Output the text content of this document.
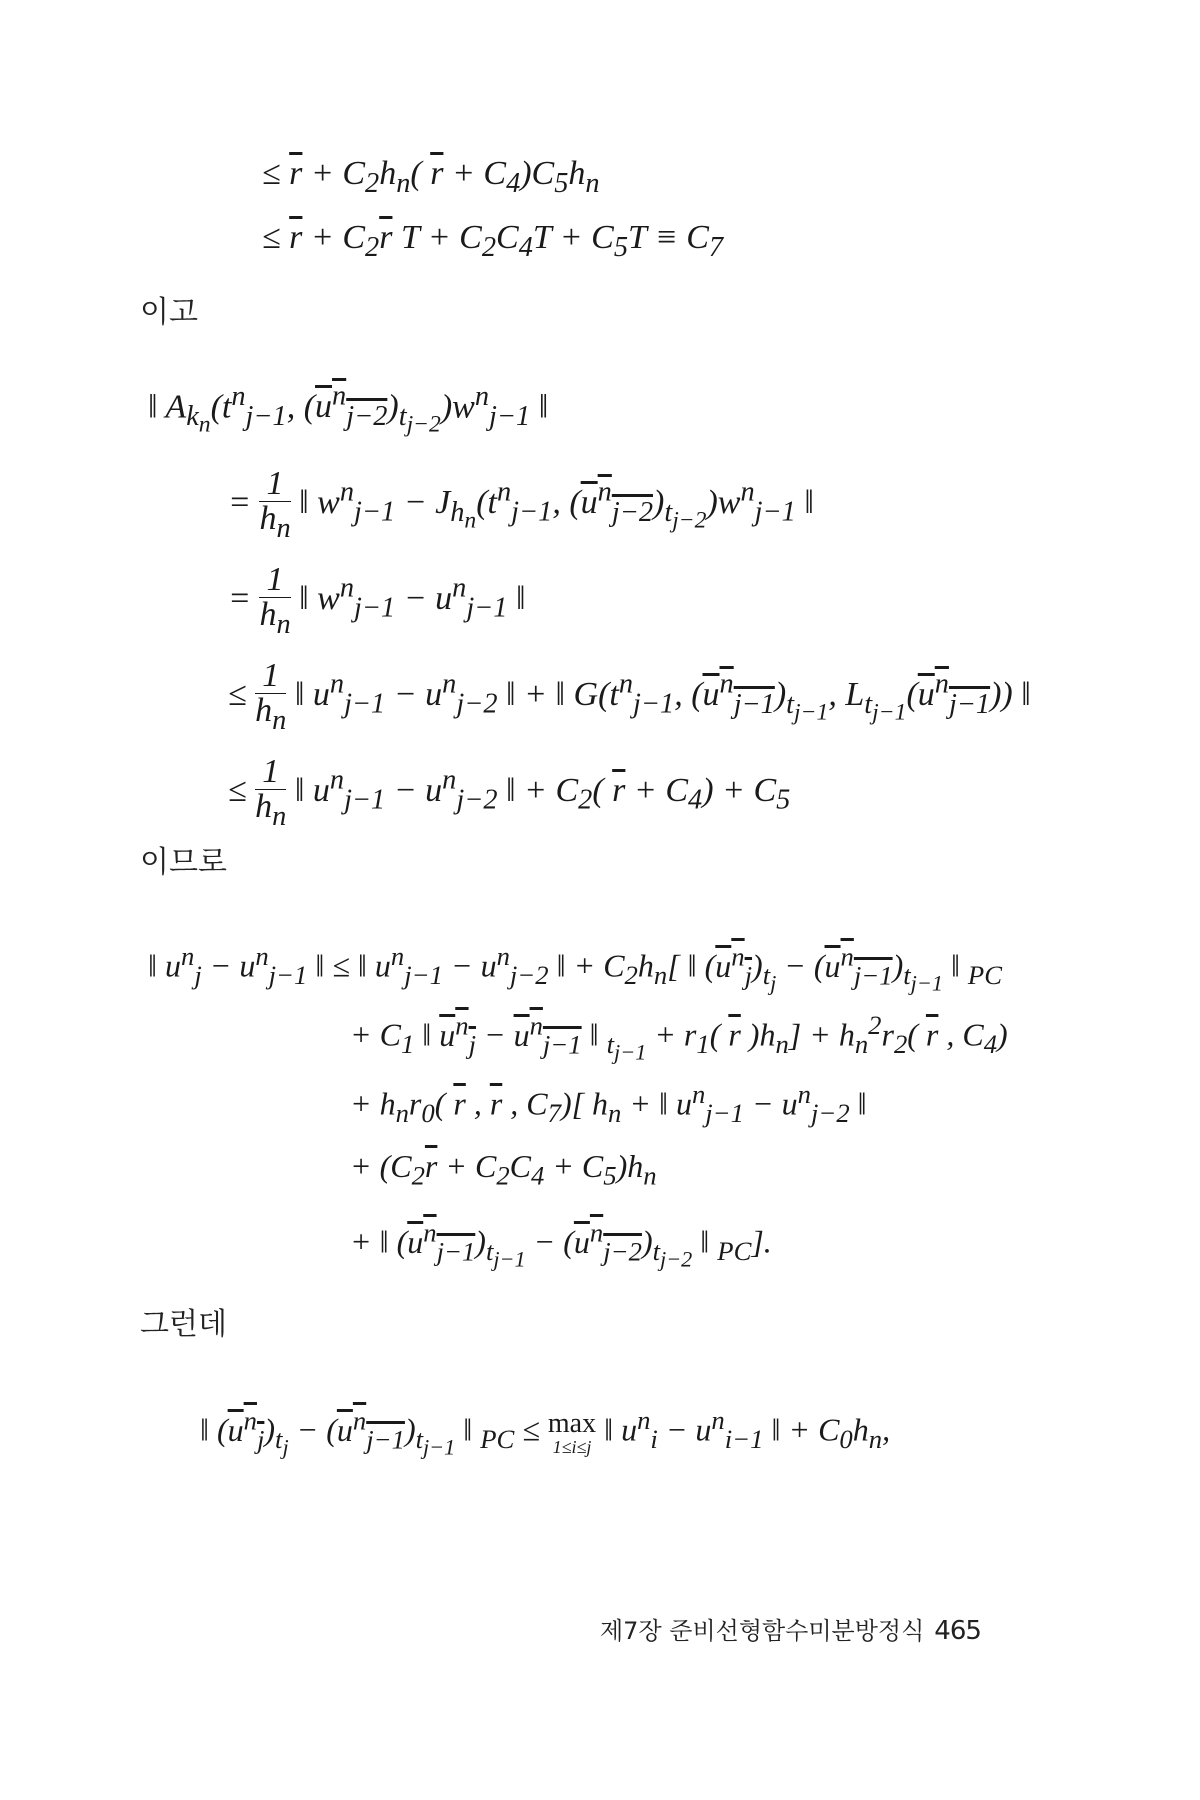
≤ $\overline{r} + C_2h_n$( $\overline{r} + C_4)C_5h_n$
≤ $\overline{r} + C_2\overline{r}$ $T + C_2C_4T + C_5T \equiv C_7$
이고
‖ $A_{k_n}(t^n_{j-1}$, $(u^n_{j-2})_{t_{j-2}})w^n_{j-1}$ ‖
= $\frac{1}{h_n}$ ‖ $w^n_{j-1} - J_{h_n}(t^n_{j-1}$, $(u^n_{j-2})_{t_{j-2}})w^n_{j-1}$ ‖
= $\frac{1}{h_n}$ ‖ $w^n_{j-1} - u^n_{j-1}$ ‖
≤ $\frac{1}{h_n}$ ‖ $u^n_{j-1} - u^n_{j-2}$ ‖ + ‖ $G(t^n_{j-1}$, $(u^n_{j-1})_{t_{j-1}}$, $L_{t_{j-1}}(u^n_{j-1})$) ‖
≤ $\frac{1}{h_n}$ ‖ $u^n_{j-1} - u^n_{j-2}$ ‖ + $C_2$( $\overline{r} + C_4) + C_5$
이므로
‖ $u^n_j - u^n_{j-1}$ ‖ ≤ ‖ $u^n_{j-1} - u^n_{j-2}$ ‖ + $C_2h_n$[ ‖ $(u^n_j)_{t_j} - (u^n_{j-1})_{t_{j-1}}$ ‖ $_{PC}$
+ $C_1$ ‖ $u^n_j - u^n_{j-1}$ ‖ $_{t_{j-1}} + r_1$( $\overline{r}$ )$h_n] + h_n^2r_2$( $\overline{r}$ , $C_4$)
+ $h_nr_0$( $\overline{r}$ , $\overline{r}$ , $C_7$)[ $h_n$ + ‖ $u^n_{j-1} - u^n_{j-2}$ ‖
+ $(C_2\overline{r} + C_2C_4 + C_5)h_n$
+ ‖ $(u^n_{j-1})_{t_{j-1}} - (u^n_{j-2})_{t_{j-2}}$ ‖ $_{PC}$].
그런데
‖ $(u^n_j)_{t_j} - (u^n_{j-1})_{t_{j-1}}$ ‖ $_{PC}$ ≤ max
1≤i≤j ‖ $u^n_i - u^n_{i-1}$ ‖ + $C_0h_n$,
제7장 준비선형함수미분방정식 465
